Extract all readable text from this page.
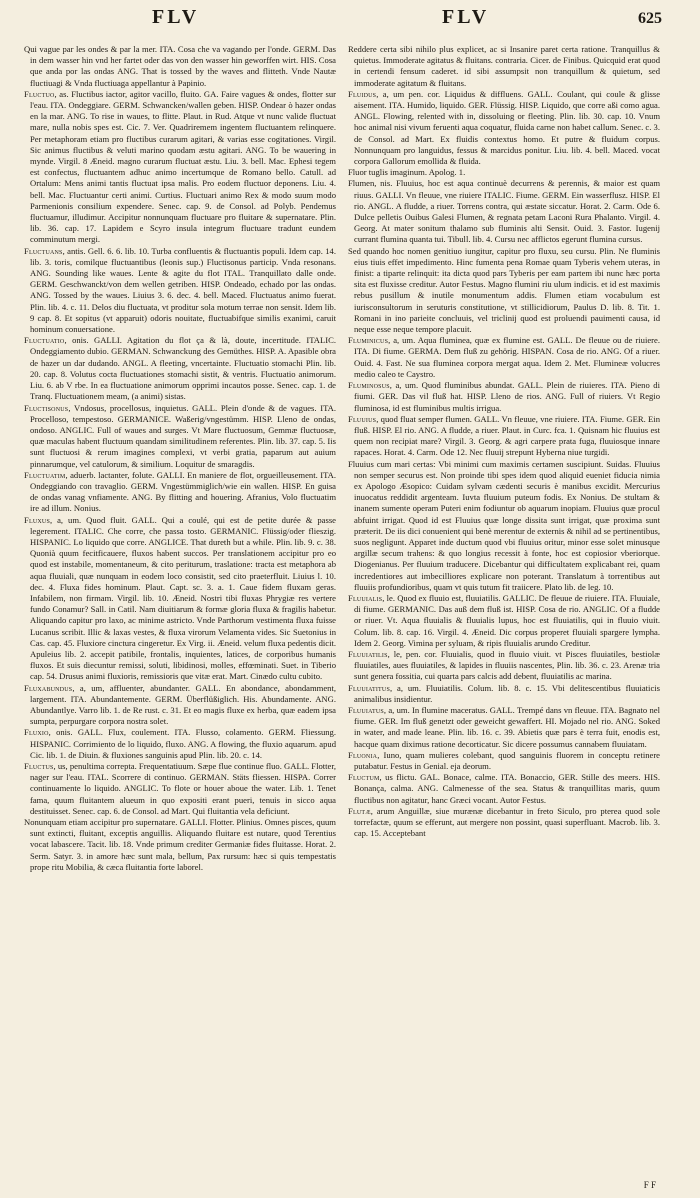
FLV	FLV	625

Qui vague par les ondes & par la mer. ITA. Cosa che va vagando per l'onde. GERM. Das in dem wasser hin vnd her fartet oder das von den wasser hin geworffen wirt. HIS. Cosa que anda por las ondas ANG. That is tossed by the waves and flitteth. Vnde Nautæ fluctiuagi & Vnda fluctiuaga appellantur à Papinio.

Fluctuo, as. Fluctibus iactor, agitor vacillo, fluito. GA. Faire vagues & ondes, flotter sur l'eau. ITA. Ondeggiare. GERM. Schwancken/wallen geben. HISP. Ondear ò hazer ondas en la mar. ANG. To rise in waues, to flitte. Plaut. in Rud. Atque vt nunc valide fluctuat mare, nulla nobis spes est. Cic. 7. Ver. Quadriremem ingentem fluctuantem relinquere. Per metaphoram etiam pro fluctibus curarum agitari, & varias esse cogitationes. Virgil. Sic animus fluctibus & veluti marino quodam æstu agitari. ANG. To be wauering in mynde. Virgil. 8 Æneid. magno curarum fluctuat æstu. Liu. 3. bell. Mac. Ephesi tegem est confectus, fluctuantem adhuc animo incertumque de Romano bello. Catull. ad Ortalum: Mens animi tantis fluctuat ipsa malis. Pro eodem fluctuor deponens. Liu. 4. bell. Mac. Fluctuantur certi animi. Curtius. Fluctuari animo Rex & modo suum modo Parmenionis consilium expendere. Senec. cap. 9. de Consol. ad Polyb. Pendemus fluctuamur, illudimur. Accipitur nonnunquam fluctuare pro fluitare & supernatare. Plin. lib. 36. cap. 17. Lapidem e Scyro insula integrum fluctuare tradunt eundem comminutum mergi.

Fluctuans, antis. Gell. 6. 6. lib. 10. Turba confluentis & fluctuantis populi. Idem cap. 14. lib. 3. toris, comilque fluctuantibus (leonis sup.) Fluctisonus particip. Vnda resonans. ANG. Sounding like waues. Lente & agite du flot ITAL. Tranquillato dalle onde. GERM. Geschwanckt/von dem wellen getriben. HISP. Ondeado, echado por las ondas. ANG. Tossed by the waues. Liuius 3. 6. dec. 4. bell. Maced. Fluctuatus animo fuerat. Plin. lib. 4. c. 11. Delos diu fluctuata, vt proditur sola motum terrae non sensit. Idem lib. 9 cap. 8. Et sopitus (vt apparuit) odoris nouitate, fluctuabifque similis exanimi, caruit hominum conuersatione.

Fluctuatio, onis. GALLI. Agitation du flot ça & là, doute, incertitude. ITALIC. Ondeggiamento dubio. GERMAN. Schwanckung des Gemüthes. HISP. A. Apasible obra de hazer un dar dudando. ANGL. A fleeting, vncertainte. Fluctuatio stomachi Plin. lib. 20. cap. 8. Volutus cocta fluctuationes stomachi sistit, & ventris. Fluctuatio animorum. Liu. 6. ab V rbe. In ea fluctuatione animorum opprimi incautos posse. Senec. cap. 1. de Tranq. Fluctuationem meam, (a animi) sistas.

Fluctisonus, Vndosus, procellosus, inquietus. GALL. Plein d'onde & de vagues. ITA. Procelloso, tempestoso. GERMANICE. Waßerig/vngestümm. HISP. Lleno de ondas, ondoso. ANGLIC. Full of waues and surges. Vt Mare fluctuosum, Gemmæ fluctuosæ, quæ maculas habent fluctuum quandam similitudinem referentes. Plin. lib. 37. cap. 5. Iis sunt fluctuosi & rerum imagines complexi, vt verbi gratia, paparum aut auium pinnarumque, vel catulorum, & similium. Loquitur de smaragdis.

Fluctuatim, aduerb. lactanter, folute. GALLI. En maniere de flot, orgueilleusement. ITA. Ondeggiando con travaglio. GERM. Vngestümmiglich/wie ein wallen. HISP. En guisa de ondas vanag vnfiamente. ANG. By flitting and houering. Afranius, Volo fluctuatim ire ad illum. Nonius.

Fluxus, a, um. Quod fluit. GALL. Qui a coulé, qui est de petite durée & passe legerement. ITALIC. Che corre, che passa tosto. GERMANIC. Flüssig/oder flieszig. HISPANIC. Lo liquido que corre. ANGLICE. That dureth but a while. Plin. lib. 9. c. 38. Quonià quum fecitficauere, fluxos habent succos. Per translationem accipitur pro eo quod est instabile, momentaneum, & cito periturum, traslatione: tracta est metaphora ab aqua fluuiali, quæ nunquam in eodem loco consistit, sed cito praeterfluit. Liuius l. 10. dec. 4. Fluxa fides hominum. Plaut. Capt. sc. 3. a. 1. Caue fidem fluxam geras. Infabilem, non firmam. Virgil. lib. 10. Æneid. Nostri tibi fluxas Phrygiæ res vertere fundo Conamur? Sall. in Catil. Nam diuitiarum & formæ gloria fluxa & fragilis habetur. Aliquando capitur pro laxo, ac minime astricto. Vnde Parthorum vestimenta fluxa fuisse Lucanus scribit. Illic & laxas vestes, & fluxa virorum Velamenta vides. Sic Suetonius in Cas. cap. 45. Fluxiore cinctura cingeretur. Ex Virg. ii. Æneid. velum fluxa pedentis dicit. Apuleius lib. 2. accepit patibile, frontalis, inquientes, latices, de corporibus humanis fluxos. Et suis diecuntur remissi, soluti, libidinosi, molles, effœminati. Suet. in Tiberio cap. 54. Drusus animi fluxioris, remissioris que vitæ erat. Mart. Cinædo cultu cubito.

Fluxabundus, a, um, affluenter, abundanter. GALL. En abondance, abondamment, largement. ITA. Abundantemente. GERM. Überflüßiglich. His. Abundamente. ANG. Abundantlye. Varro lib. 1. de Re rust. c. 31. Et eo magis fluxe ex herba, quæ eadem ipsa sumpta, perpurgare corpora nostra solet.

Fluxio, onis. GALL. Flux, coulement. ITA. Flusso, colamento. GERM. Fliessung. HISPANIC. Corrimiento de lo liquido, fluxo. ANG. A flowing, the fluxio aquarum. apud Cic. lib. 1. de Diuin. & fluxiones sanguinis apud Plin. lib. 20. c. 14.

Fluctus, us, penultima correpta. Frequentatiuum. Sæpe flue continue fluo. GALL. Flotter, nager sur l'eau. ITAL. Scorrere di continuo. GERMAN. Stäts fliessen. HISPA. Correr continuamente lo liquido. ANGLIC. To flote or houer aboue the water. Lib. 1. Tenet fama, quum fluitantem alueum in quo expositi erant pueri, tenuis in sicco aqua destituisset. Senec. cap. 6. de Consol. ad Mart. Qui fluitantia vela deficiunt.

Nonunquam etiam accipitur pro supernatare. GALLI. Flotter. Plinius. Omnes pisces, quum sunt extincti, fluitant, exceptis anguillis. Aliquando fluitare est nutare, quod Terentius vocat labascere. Tacit. lib. 18. Vnde primum crediter Germaniæ fides fluitasse. Horat. 2. Serm. Satyr. 3. in amore hæc sunt mala, bellum, Pax rursum: hæc si quis tempestatis prope ritu Mobilia, & cæca fluitantia forte laborel.

Reddere certa sibi nihilo plus explicet, ac si Insanire paret certa ratione. Tranquillus & quietus. Immoderate agitatus & fluitans. contraria. Cicer. de Finibus. Quicquid erat quod in certendi fensum caderet. id sibi assumpsit non tranquillum & quietum, sed immoderate agitatum & fluitans.

Fluidus, a, um pen. cor. Liquidus & diffluens. GALL. Coulant, qui coule & glisse aisement. ITA. Humido, liquido. GER. Flüssig. HISP. Liquido, que corre aßi como agua. ANGL. Flowing, relented with in, dissoluing or fleeting. Plin. lib. 30. cap. 10. Vnum hoc animal nisi vivum feruenti aqua coquatur, fluida carne non habet callum. Senec. c. 3. de Consol. ad Mart. Ex fluidis contextus homo. Et putre & fluidum corpus. Nonnunquam pro languidus, fessus & marcidus ponitur. Liu. lib. 4. bell. Maced. vocat corpora Gallorum emollida & fluida.

Fluor tuglis imaginum. Apolog. 1.

Flumen, nis. Fluuius, hoc est aqua continuè decurrens & perennis, & maior est quam riuus. GALLI. Vn fleuue, vne riuiere ITALIC. Fiume. GERM. Ein wasserflusz. HISP. El rio. ANGL. A fludde, a riuer. Torrens contra, qui æstate siccatur. Horat. 2. Carm. Ode 6. Dulce pelletis Ouibus Galesi Flumen, & regnata petam Laconi Rura Phalanto. Virgil. 4. Georg. At mater sonitum thalamo sub fluminis alti Sensit. Ouid. 3. Fastor. Iugenij currant flumina quanta tui. Tibull. lib. 4. Cursu nec afflictos egerunt flumina cursus.

Sed quando hoc nomen genitiuo iungitur, capitur pro fluxu, seu cursu. Plin. Ne fluminis eius tiuis effet impedimento. Hinc fumenta pena Romae quam Tyberis vehem uteras, in finist: a tiparte relinquit: ita dicta quod pars Tyberis per eam partem ibi nunc hæc porta sita est fluxisse creditur. Autor Festus. Magno flumini riu ulum indicis. et id est maximis rebus pusillum & inutile monumentum addis. Flumen etiam vocabulum est iurisconsultorum in seruturis constitutione, vt stillicidiorum, Paulus D. lib. 8. Tit. 1. Romani in ino parieite concluuis, vel triclinij quod est proluendi pauimenti causa, id neque esse neque tempore placuit.

Fluminicus, a, um. Aqua fluminea, quæ ex flumine est. GALL. De fleuue ou de riuiere. ITA. Di fiume. GERMA. Dem fluß zu gehörig. HISPAN. Cosa de rio. ANG. Of a riuer. Ouid. 4. Fast. Ne sua fluminea corpora mergat aqua. Idem 2. Met. Flumineæ volucres medio caleo te Caystro.

Fluminosus, a, um. Quod fluminibus abundat. GALL. Plein de riuieres. ITA. Pieno di fiumi. GER. Das vil fluß hat. HISP. Lleno de rios. ANG. Full of riuiers. Vt Regio fluminosa, id est fluminibus multis irrigua.

Fluuius, quod fluat semper flumen. GALL. Vn fleuue, vne riuiere. ITA. Fiume. GER. Ein fluß. HISP. El rio. ANG. A fludde, a riuer. Plaut. in Curc. fca. 1. Quisnam hic fluuius est quem non recipiat mare? Virgil. 3. Georg. & agri carpere prata fuga, fluuiosque innare rapaces. Horat. 4. Carm. Ode 12. Nec fluuij strepunt Hyberna niue turgidi.

Fluuius cum mari certas: Vbi minimi cum maximis certamen suscipiunt. Suidas. Fluuius non semper securus est. Non proinde tibi spes idem quod aliquid eueniet fiducia nimia ex Apologo Æsopico: Cuidam sylvam cædenti securis è manibus excidit. Mercurius inuocatus reddidit argenteam. Iuvta fluuium puteum fodis. Ex Nonius. De stultam & inanem sumente operam Puteri enim fodiuntur ob aquarum inopiam. Fluuius quæ procul abfuint irrigat. Quod id est Fluuius quæ longe dissita sunt irrigat, quæ proxima sunt præterit. De iis dici conuenient qui benè merentur de externis & nihil ad se pertinentibus, suos negligunt. Apparet inde ductum quod vbi fluuius oritur, minor esse solet minusque argillæ secum trahens: & quo longius recessit à fonte, hoc est copiosior vberiorque. Diogenianus. Per fluuium traducere. Dicebantur qui difficultatem explicabant rei, quam incredentiores aut imbecilliores explicare non poterant. Translatum à torrentibus aut fluuiis profundioribus, quam vt quis tutum fit traiicere. Plato lib. de leg. 10.

Fluuialis, le. Quod ex fluuio est, fluuiatilis. GALLIC. De fleuue de riuiere. ITA. Fluuiale, di fiume. GERMANIC. Das auß dem fluß ist. HISP. Cosa de rio. ANGLIC. Of a fludde or riuer. Vt. Aqua fluuialis & fluuialis lupus, hoc est fluuiatilis, qui in fluuio viuit. Colum. lib. 8. cap. 16. Virgil. 4. Æneid. Dic corpus properet fluuiali spargere lympha. Idem 2. Georg. Vimina per syluam, & ripis fluuialis arundo Creditur.

Fluuiatilis, le, pen. cor. Fluuialis, quod in fluuio viuit. vt Pisces fluuiatiles, bestiolæ fluuiatiles, aues fluuiatiles, & lapides in fluuiis nascentes, Plin. lib. 36. c. 23. Arenæ tria sunt genera fossitia, cui quarta pars calcis add debent, fluuiatilis ac marina.

Fluuiatitus, a, um. Fluuiatilis. Colum. lib. 8. c. 15. Vbi delitescentibus fluuiaticis animalibus insidientur.

Fluuiatus, a, um. In flumine maceratus. GALL. Trempé dans vn fleuue. ITA. Bagnato nel fiume. GER. Im fluß genetzt oder geweicht gewaffert. HI. Mojado nel rio. ANG. Soked in water, and made leane. Plin. lib. 16. c. 39. Abietis quæ pars è terra fuit, enodis est, hacque quam diximus ratione decorticatur. Sic dicere possumus cannabem fluuiatam.

Fluonia, Iuno, quam mulieres colebant, quod sanguinis fluorem in conceptu retinere putabatur. Festus in Genial. eja deorum.

Fluctum, us flictu. GAL. Bonace, calme. ITA. Bonaccio, GER. Stille des meers. HIS. Bonança, calma. ANG. Calmenesse of the sea. Status & tranquillitas maris, quum fluctibus non agitatur, hanc Græci vocant. Autor Festus.

Flutæ, arum Anguillæ, siue murænæ dicebantur in freto Siculo, pro pterea quod sole torrefactæ, quum se efferunt, aut mergere non possint, quasi superfluant. Macrob. lib. 3. cap. 15. Acceptebant

F F
